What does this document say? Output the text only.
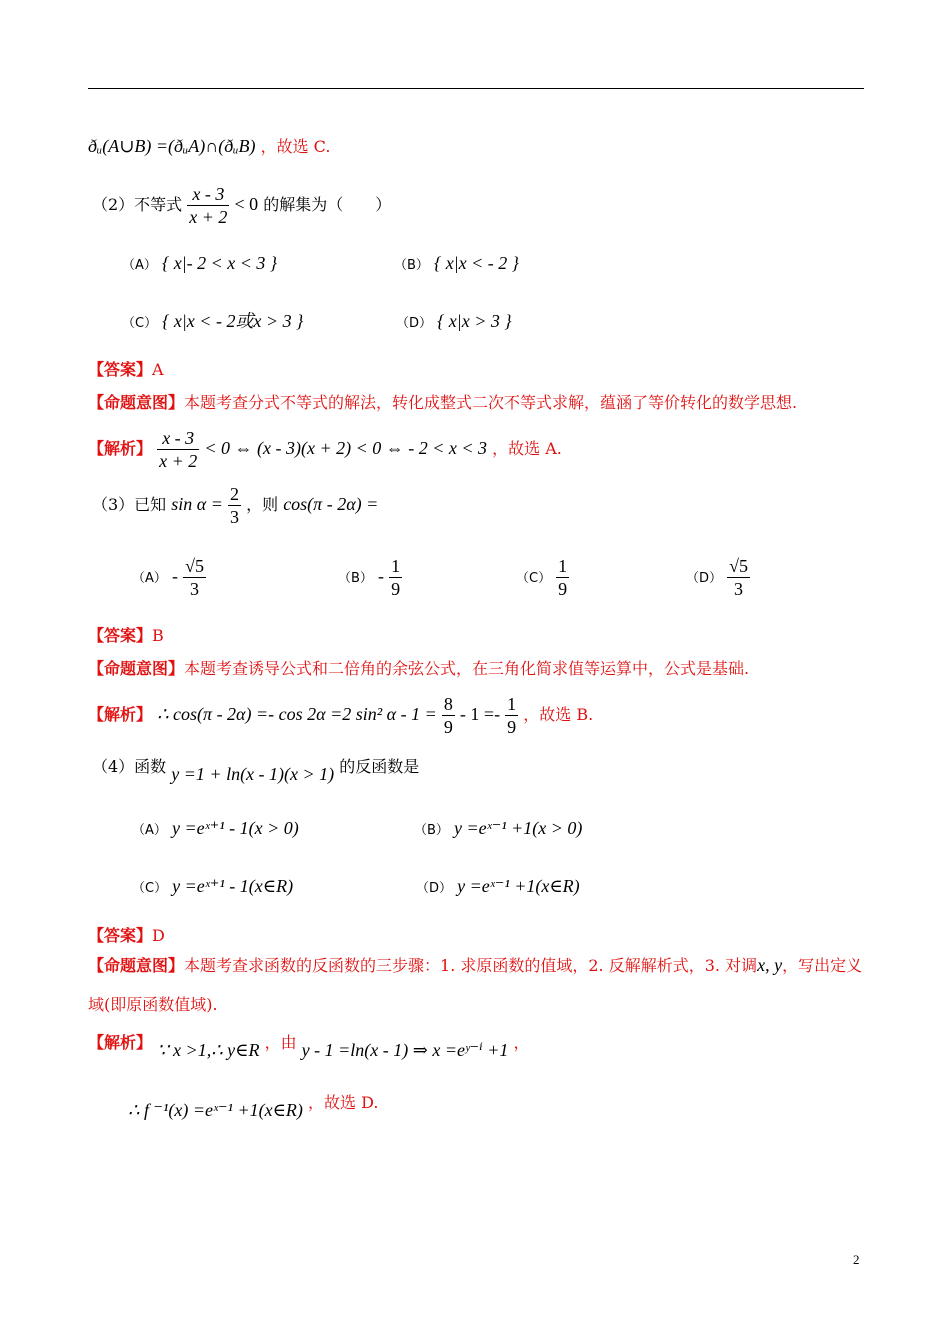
ðᵤ(A∪B) =(ðᵤA)∩(ðᵤB) ，故选 C.
（2）不等式 $\frac{x - 3}{x + 2} < 0$ 的解集为（　　）
（A） { x|- 2 < x < 3 }	（B） { x|x < - 2 }
（C） { x|x < - 2或x > 3 }	（D） { x|x > 3 }
【答案】A
【命题意图】本题考查分式不等式的解法，转化成整式二次不等式求解，蕴涵了等价转化的数学思想.
【解析】 $\frac{x - 3}{x + 2} < 0$ ⇔ (x - 3)(x + 2) < 0 ⇔ - 2 < x < 3 ，故选 A.
（3）已知 $\sin \alpha = \frac{2}{3}$ ，则 cos(π - 2α) =
$(A) - \frac{√5}{3}$	$(B) - \frac{1}{9}$	$(C) \frac{1}{9}$	$(D) \frac{√5}{3}$
【答案】B
【命题意图】本题考查诱导公式和二倍角的余弦公式，在三角化简求值等运算中，公式是基础.
【解析】 ∴ cos(π - 2α) =- cos 2α =2 sin² $\alpha - 1 = \frac{8}{9} - 1 =- \frac{1}{9}$ ，故选 B.
（4）函数 y =1 + ln(x - 1)(x > 1) 的反函数是
（A） y =eˣ⁺¹ - 1(x > 0)	（B） y =eˣ⁻¹ +1(x > 0)
（C） y =eˣ⁺¹ - 1(x∈R)	（D） y =eˣ⁻¹ +1(x∈R)
【答案】D
【命题意图】本题考查求函数的反函数的三步骤：1. 求原函数的值域，2. 反解解析式，3. 对调x, y，写出定义
域(即原函数值域).
【解析】 ∵ x >1,∴ y∈R ，由 y - 1 =ln(x - 1) ⇒ x =eʸ⁻ⁱ +1 ，
∴ f ⁻¹(x) =eˣ⁻¹ +1(x∈R) ，故选 D.
2
